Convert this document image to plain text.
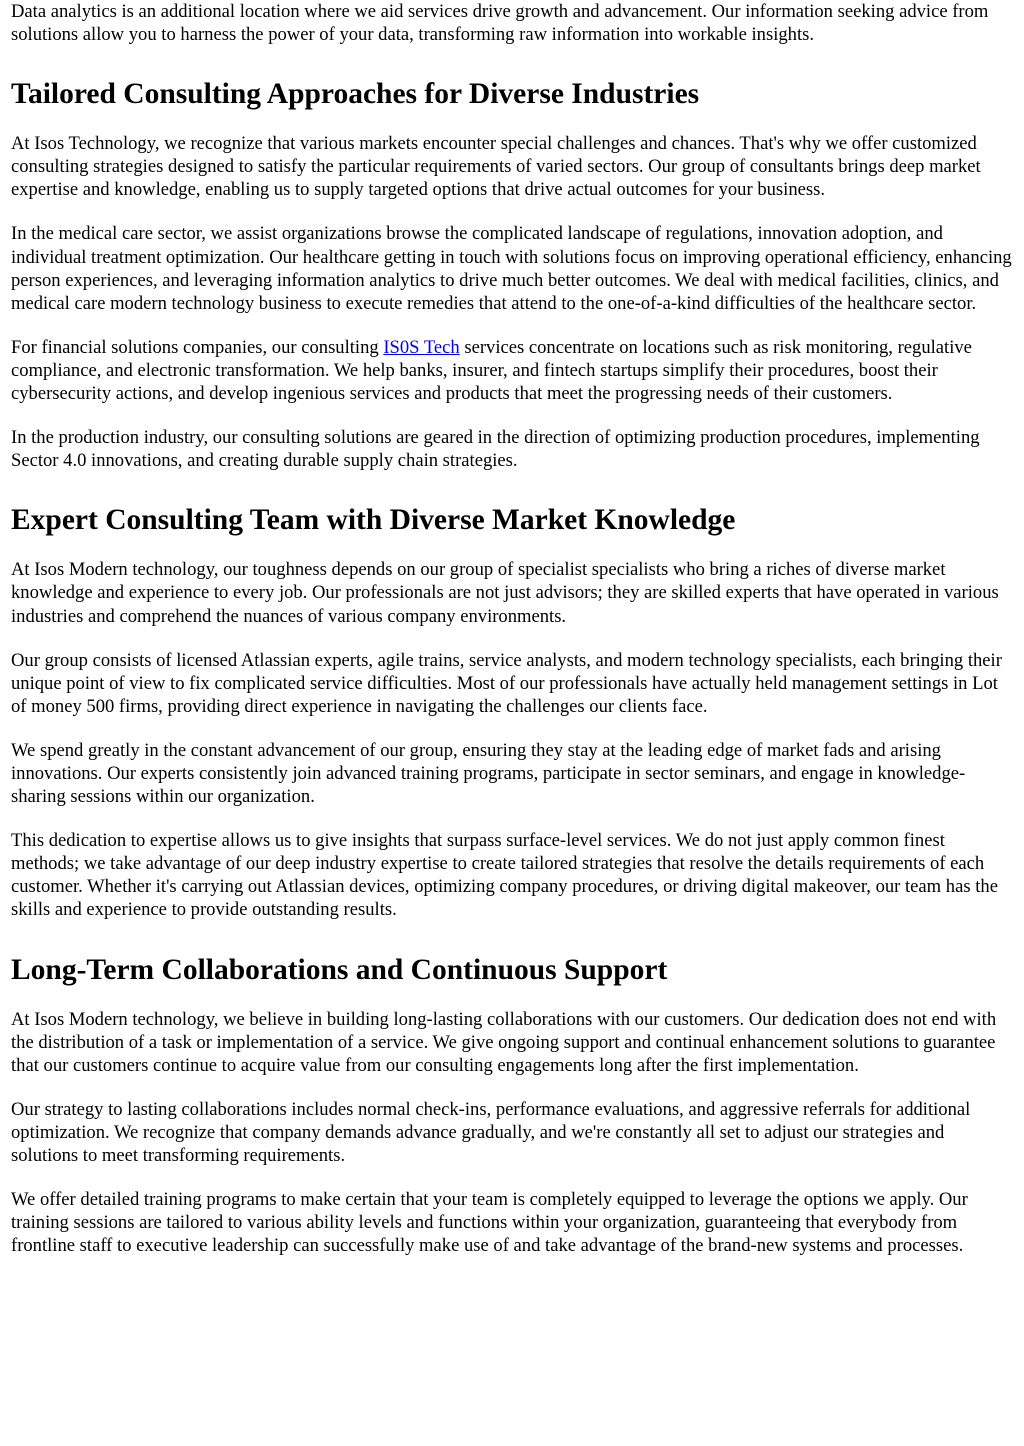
Data analytics is an additional location where we aid services drive growth and advancement. Our information seeking advice from solutions allow you to harness the power of your data, transforming raw information into workable insights.

Tailored Consulting Approaches for Diverse Industries

At Isos Technology, we recognize that various markets encounter special challenges and chances. That's why we offer customized consulting strategies designed to satisfy the particular requirements of varied sectors. Our group of consultants brings deep market expertise and knowledge, enabling us to supply targeted options that drive actual outcomes for your business.

In the medical care sector, we assist organizations browse the complicated landscape of regulations, innovation adoption, and individual treatment optimization. Our healthcare getting in touch with solutions focus on improving operational efficiency, enhancing person experiences, and leveraging information analytics to drive much better outcomes. We deal with medical facilities, clinics, and medical care modern technology business to execute remedies that attend to the one-of-a-kind difficulties of the healthcare sector.

For financial solutions companies, our consulting IS0S Tech services concentrate on locations such as risk monitoring, regulative compliance, and electronic transformation. We help banks, insurer, and fintech startups simplify their procedures, boost their cybersecurity actions, and develop ingenious services and products that meet the progressing needs of their customers.

In the production industry, our consulting solutions are geared in the direction of optimizing production procedures, implementing Sector 4.0 innovations, and creating durable supply chain strategies.

Expert Consulting Team with Diverse Market Knowledge

At Isos Modern technology, our toughness depends on our group of specialist specialists who bring a riches of diverse market knowledge and experience to every job. Our professionals are not just advisors; they are skilled experts that have operated in various industries and comprehend the nuances of various company environments.

Our group consists of licensed Atlassian experts, agile trains, service analysts, and modern technology specialists, each bringing their unique point of view to fix complicated service difficulties. Most of our professionals have actually held management settings in Lot of money 500 firms, providing direct experience in navigating the challenges our clients face.

We spend greatly in the constant advancement of our group, ensuring they stay at the leading edge of market fads and arising innovations. Our experts consistently join advanced training programs, participate in sector seminars, and engage in knowledge-sharing sessions within our organization.

This dedication to expertise allows us to give insights that surpass surface-level services. We do not just apply common finest methods; we take advantage of our deep industry expertise to create tailored strategies that resolve the details requirements of each customer. Whether it's carrying out Atlassian devices, optimizing company procedures, or driving digital makeover, our team has the skills and experience to provide outstanding results.

Long-Term Collaborations and Continuous Support

At Isos Modern technology, we believe in building long-lasting collaborations with our customers. Our dedication does not end with the distribution of a task or implementation of a service. We give ongoing support and continual enhancement solutions to guarantee that our customers continue to acquire value from our consulting engagements long after the first implementation.

Our strategy to lasting collaborations includes normal check-ins, performance evaluations, and aggressive referrals for additional optimization. We recognize that company demands advance gradually, and we're constantly all set to adjust our strategies and solutions to meet transforming requirements.

We offer detailed training programs to make certain that your team is completely equipped to leverage the options we apply. Our training sessions are tailored to various ability levels and functions within your organization, guaranteeing that everybody from frontline staff to executive leadership can successfully make use of and take advantage of the brand-new systems and processes.
